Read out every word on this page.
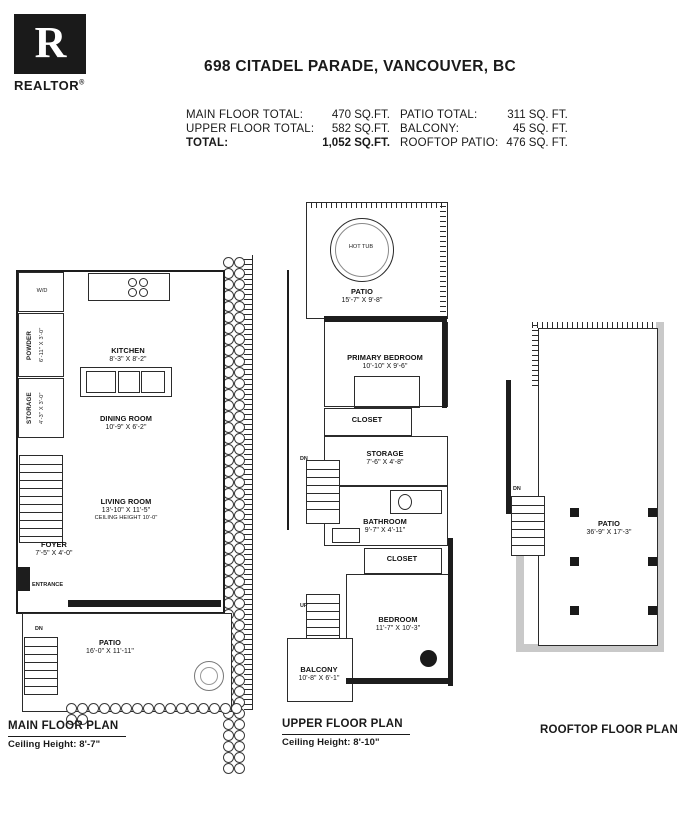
R
REALTOR®
698 CITADEL PARADE, VANCOUVER, BC
MAIN FLOOR TOTAL:		470 SQ.FT.	PATIO TOTAL:		311 SQ. FT.
UPPER FLOOR TOTAL:		582 SQ.FT.	BALCONY:		45 SQ. FT.
TOTAL:		1,052 SQ.FT.	ROOFTOP PATIO:		476 SQ. FT.
W/D
POWDER	6'-11" X 3'-0"
STORAGE	4'-3" X 3'-0"
KITCHEN
8'-3" X 8'-2"
DINING ROOM
10'-9" X 6'-2"
LIVING ROOM
13'-10" X 11'-5"
CEILING HEIGHT 10'-0"
FOYER
7'-5" X 4'-0"
ENTRANCE
PATIO
16'-0" X 11'-11"
DN
MAIN FLOOR PLAN
Ceiling Height: 8'-7"
HOT TUB
PATIO
15'-7" X 9'-8"
PRIMARY BEDROOM
10'-10" X 9'-6"
CLOSET
STORAGE
7'-6" X 4'-8"
BATHROOM
9'-7" X 4'-11"
CLOSET
BEDROOM
11'-7" X 10'-3"
DN
UP
BALCONY
10'-8" X 6'-1"
UPPER FLOOR PLAN
Ceiling Height: 8'-10"
DN
PATIO
36'-9" X 17'-3"
ROOFTOP FLOOR PLAN
